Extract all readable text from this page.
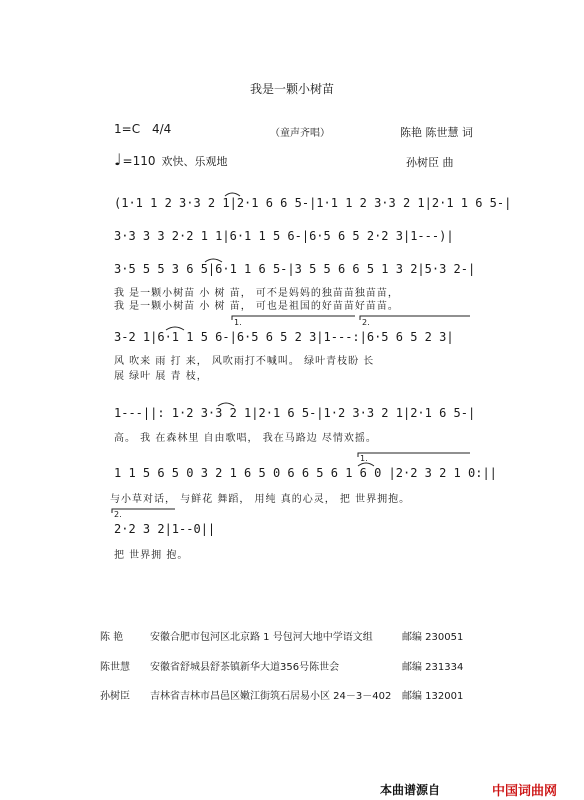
我是一颗小树苗
1=C 4/4	（童声齐唱）	陈艳 陈世慧 词
♩=110 欢快、乐观地	孙树臣 曲
(1·1 1 2 3·3 2 1|2·1 6 6 5-|1·1 1 2 3·3 2 1|2·1 1 6 5-|
3·3 3 3 2·2 1 1|6·1 1 5 6-|6·5 6 5 2·2 3|1---)|
3·5 5 5 3 6 5|6·1 1 6 5-|3 5 5 6 6 5 1 3 2|5·3 2-|
我 是一颗小树苗 小 树 苗， 可不是妈妈的独苗苗独苗苗，
我 是一颗小树苗 小 树 苗， 可也是祖国的好苗苗好苗苗。
3-2 1|6·1 1 5 6-|6·5 6 5 2 3|1---:|6·5 6 5 2 3|
风 吹来 雨 打 来， 风吹雨打不喊叫。 绿叶青枝盼 长
展 绿叶 展 青 枝，
1---||: 1·2 3·3 2 1|2·1 6 5-|1·2 3·3 2 1|2·1 6 5-|
高。 我 在森林里 自由歌唱， 我在马路边 尽情欢摇。
1 1 5 6 5 0 3 2 1 6 5 0 6 6 5 6 1 6 0 |2·2 3 2 1 0:||
与小草对话， 与鲜花 舞蹈， 用纯 真的心灵， 把 世界拥抱。
2·2 3 2|1--0||
把 世界拥 抱。
1.	2.
1.
2.
陈 艳	安徽合肥市包河区北京路 1 号包河大地中学语文组	邮编 230051
陈世慧 安徽省舒城县舒茶镇新华大道356号陈世会	邮编 231334
孙树臣 吉林省吉林市昌邑区嫩江街筑石居易小区 24－3－402 邮编 132001
本曲谱源自	中国词曲网
